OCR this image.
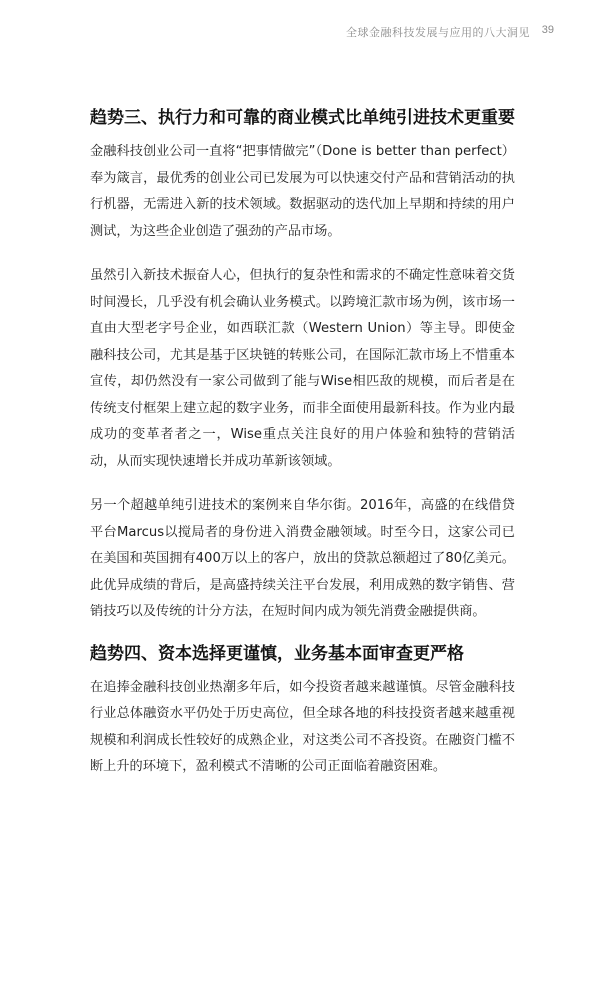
全球金融科技发展与应用的八大洞见 39
趋势三、执行力和可靠的商业模式比单纯引进技术更重要

金融科技创业公司一直将“把事情做完”（Done is better than perfect）奉为箴言，最优秀的创业公司已发展为可以快速交付产品和营销活动的执行机器，无需进入新的技术领域。数据驱动的迭代加上早期和持续的用户测试，为这些企业创造了强劲的产品市场。

虽然引入新技术振奋人心，但执行的复杂性和需求的不确定性意味着交货时间漫长，几乎没有机会确认业务模式。以跨境汇款市场为例，该市场一直由大型老字号企业，如西联汇款（Western Union）等主导。即使金融科技公司，尤其是基于区块链的转账公司，在国际汇款市场上不惜重本宣传，却仍然没有一家公司做到了能与Wise相匹敌的规模，而后者是在传统支付框架上建立起的数字业务，而非全面使用最新科技。作为业内最成功的变革者者之一，Wise重点关注良好的用户体验和独特的营销活动，从而实现快速增长并成功革新该领域。

另一个超越单纯引进技术的案例来自华尔街。2016年，高盛的在线借贷平台Marcus以搅局者的身份进入消费金融领域。时至今日，这家公司已在美国和英国拥有400万以上的客户，放出的贷款总额超过了80亿美元。此优异成绩的背后，是高盛持续关注平台发展，利用成熟的数字销售、营销技巧以及传统的计分方法，在短时间内成为领先消费金融提供商。

趋势四、资本选择更谨慎，业务基本面审查更严格

在追捧金融科技创业热潮多年后，如今投资者越来越谨慎。尽管金融科技行业总体融资水平仍处于历史高位，但全球各地的科技投资者越来越重视规模和利润成长性较好的成熟企业，对这类公司不吝投资。在融资门槛不断上升的环境下，盈利模式不清晰的公司正面临着融资困难。
